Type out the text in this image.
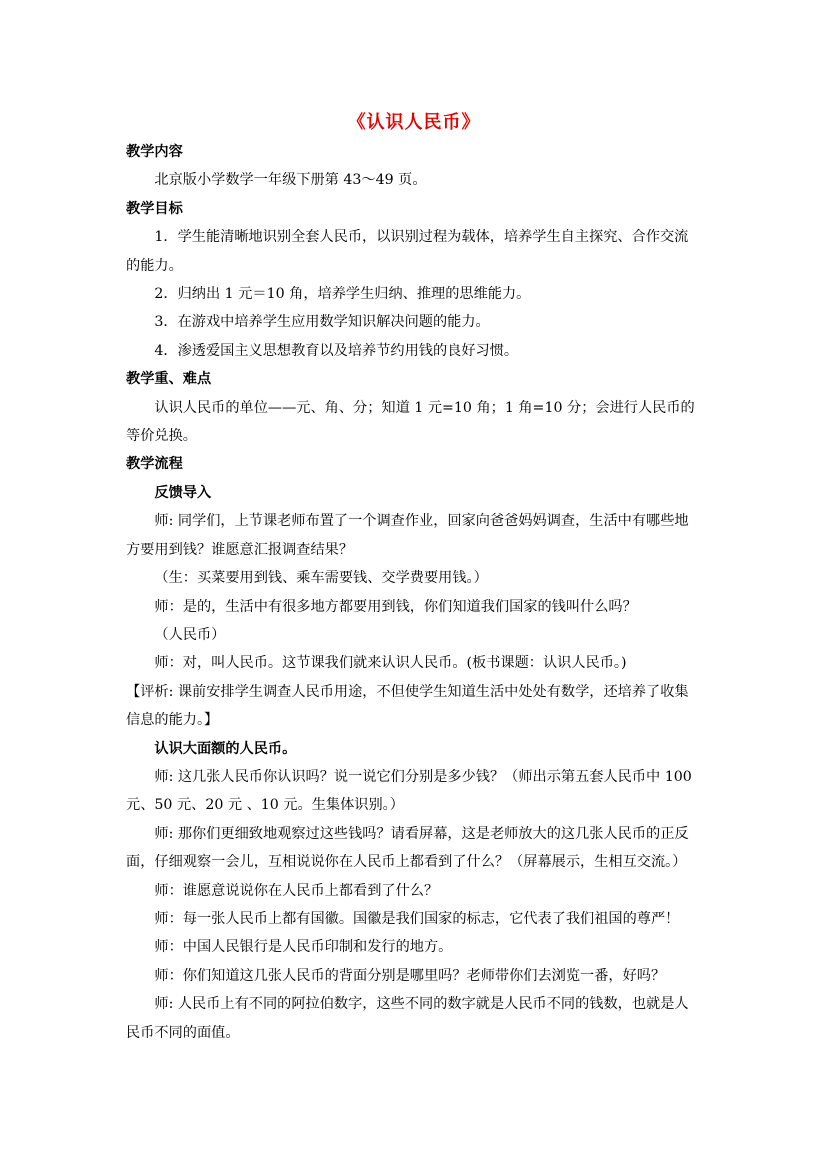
《认识人民币》

教学内容

北京版小学数学一年级下册第 43～49 页。

教学目标

1．学生能清晰地识别全套人民币，以识别过程为载体，培养学生自主探究、合作交流的能力。

2．归纳出 1 元＝10 角，培养学生归纳、推理的思维能力。

3．在游戏中培养学生应用数学知识解决问题的能力。

4．渗透爱国主义思想教育以及培养节约用钱的良好习惯。

教学重、难点

认识人民币的单位——元、角、分；知道 1 元=10 角；1 角=10 分；会进行人民币的等价兑换。

教学流程

反馈导入

师: 同学们，上节课老师布置了一个调查作业，回家向爸爸妈妈调查，生活中有哪些地方要用到钱？谁愿意汇报调查结果？

（生：买菜要用到钱、乘车需要钱、交学费要用钱。）

师：是的，生活中有很多地方都要用到钱，你们知道我们国家的钱叫什么吗？

（人民币）

师：对，叫人民币。这节课我们就来认识人民币。(板书课题：认识人民币。)

【评析: 课前安排学生调查人民币用途，不但使学生知道生活中处处有数学，还培养了收集信息的能力。】

认识大面额的人民币。

师: 这几张人民币你认识吗？说一说它们分别是多少钱？（师出示第五套人民币中 100 元、50 元、20 元 、10 元。生集体识别。）

师: 那你们更细致地观察过这些钱吗？请看屏幕，这是老师放大的这几张人民币的正反面，仔细观察一会儿，互相说说你在人民币上都看到了什么？（屏幕展示，生相互交流。）

师：谁愿意说说你在人民币上都看到了什么？

师：每一张人民币上都有国徽。国徽是我们国家的标志，它代表了我们祖国的尊严！

师：中国人民银行是人民币印制和发行的地方。

师：你们知道这几张人民币的背面分别是哪里吗？老师带你们去浏览一番，好吗？

师: 人民币上有不同的阿拉伯数字，这些不同的数字就是人民币不同的钱数，也就是人民币不同的面值。
